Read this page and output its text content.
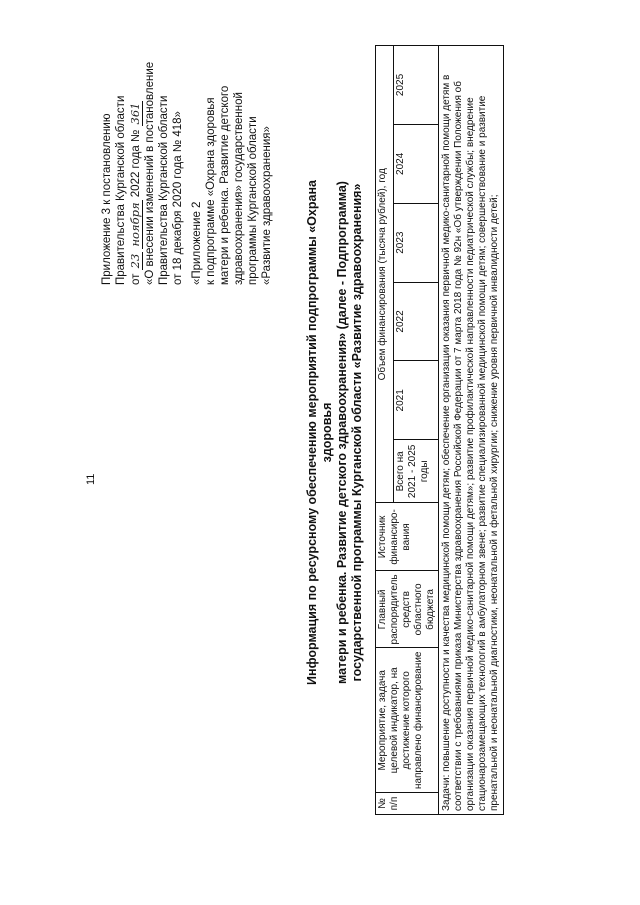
11
Приложение 3 к постановлению Правительства Курганской области от 23 ноября 2022 года № 361 «О внесении изменений в постановление Правительства Курганской области от 18 декабря 2020 года № 418» «Приложение 2 к подпрограмме «Охрана здоровья матери и ребенка. Развитие детского здравоохранения» государственной программы Курганской области «Развитие здравоохранения»	Информация по ресурсному обеспечению мероприятий подпрограммы «Охрана здоровья матери и ребенка. Развитие детского здравоохранения» (далее - Подпрограмма) государственной программы Курганской области «Развитие здравоохранения»
№ п/п	Мероприятие, задача целевой индикатор, на достижение которого направлено финансирование	Главный распорядитель средств областного бюджета	Источник финансиро-вания	Объем финансирования (тысяча рублей), год					
				Всего на 2021 - 2025 годы	2021	2022	2023	2024	2025
Задачи: повышение доступности и качества медицинской помощи детям; обеспечение организации оказания первичной медико-санитарной помощи детям в соответствии с требованиями приказа Министерства здравоохранения Российской Федерации от 7 марта 2018 года № 92н «Об утверждении Положения об организации оказания первичной медико-санитарной помощи детям»; развитие профилактической направленности педиатрической службы; внедрение стационарозамещающих технологий в амбулаторном звене; развитие специализированной медицинской помощи детям; совершенствование и развитие пренатальной и неонатальной диагностики, неонатальной и фетальной хирургии; снижение уровня первичной инвалидности детей;									
